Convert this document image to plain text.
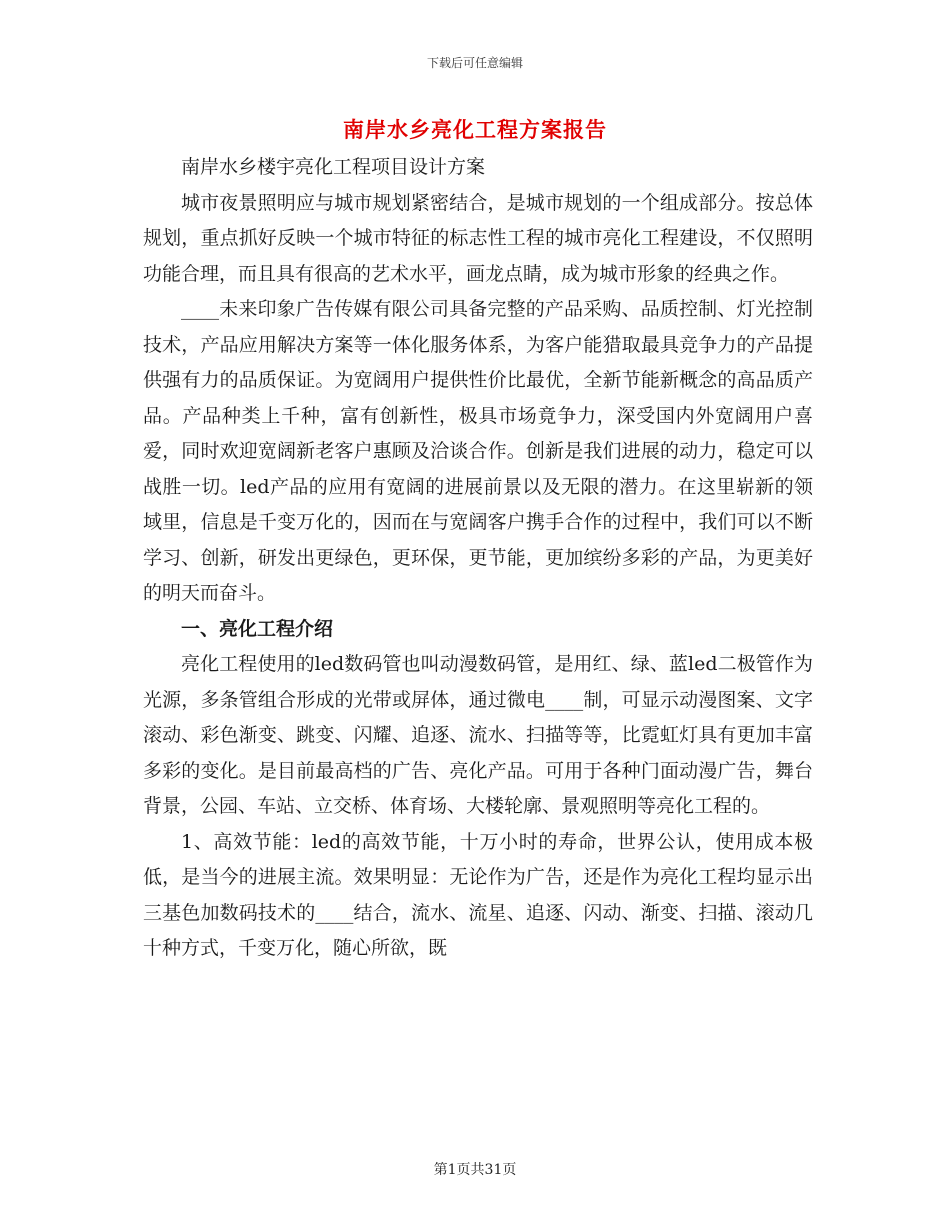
下载后可任意编辑
南岸水乡亮化工程方案报告

南岸水乡楼宇亮化工程项目设计方案

城市夜景照明应与城市规划紧密结合，是城市规划的一个组成部分。按总体规划，重点抓好反映一个城市特征的标志性工程的城市亮化工程建设，不仅照明功能合理，而且具有很高的艺术水平，画龙点睛，成为城市形象的经典之作。

____未来印象广告传媒有限公司具备完整的产品采购、品质控制、灯光控制技术，产品应用解决方案等一体化服务体系，为客户能猎取最具竞争力的产品提供强有力的品质保证。为宽阔用户提供性价比最优，全新节能新概念的高品质产品。产品种类上千种，富有创新性，极具市场竟争力，深受国内外宽阔用户喜爱，同时欢迎宽阔新老客户惠顾及洽谈合作。创新是我们进展的动力，稳定可以战胜一切。led产品的应用有宽阔的进展前景以及无限的潜力。在这里崭新的领域里，信息是千变万化的，因而在与宽阔客户携手合作的过程中，我们可以不断学习、创新，研发出更绿色，更环保，更节能，更加缤纷多彩的产品，为更美好的明天而奋斗。

一、亮化工程介绍

亮化工程使用的led数码管也叫动漫数码管，是用红、绿、蓝led二极管作为光源，多条管组合形成的光带或屏体，通过微电____制，可显示动漫图案、文字滚动、彩色渐变、跳变、闪耀、追逐、流水、扫描等等，比霓虹灯具有更加丰富多彩的变化。是目前最高档的广告、亮化产品。可用于各种门面动漫广告，舞台背景，公园、车站、立交桥、体育场、大楼轮廓、景观照明等亮化工程的。

1、高效节能：led的高效节能，十万小时的寿命，世界公认，使用成本极低，是当今的进展主流。效果明显：无论作为广告，还是作为亮化工程均显示出三基色加数码技术的____结合，流水、流星、追逐、闪动、渐变、扫描、滚动几十种方式，千变万化，随心所欲，既

第1页共31页
